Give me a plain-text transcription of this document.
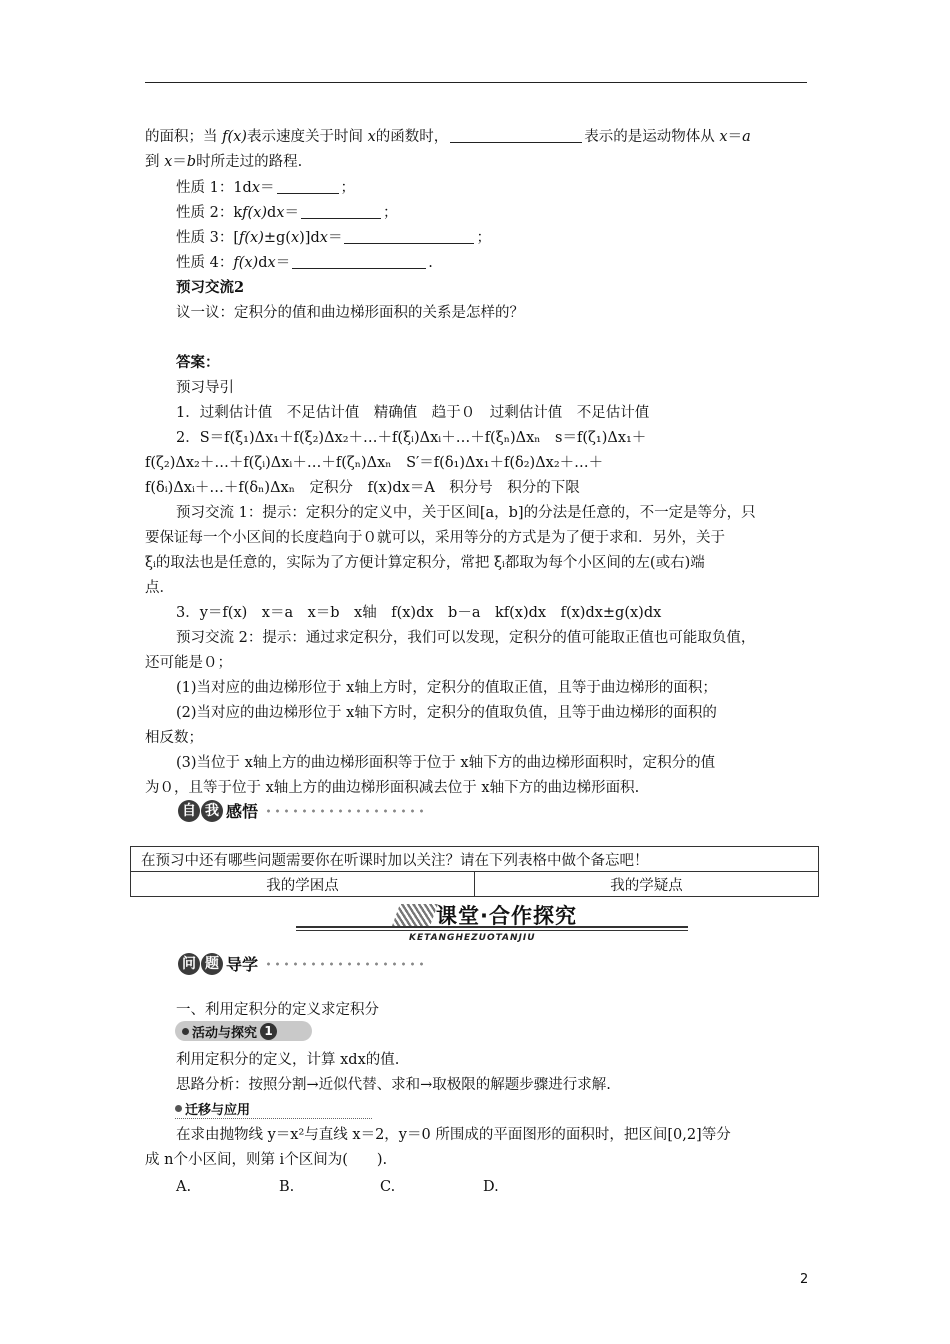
的面积；当 f(x)表示速度关于时间 x的函数时，	表示的是运动物体从 x＝a
到 x＝b时所走过的路程.
性质 1：1dx＝	；
性质 2：kf(x)dx＝	；
性质 3：[f(x)±g(x)]dx＝	；
性质 4：f(x)dx＝	.
预习交流2
议一议：定积分的值和曲边梯形面积的关系是怎样的？
答案：
预习导引
1．过剩估计值　不足估计值　精确值　趋于０　过剩估计值　不足估计值
2．S＝f(ξ₁)Δx₁＋f(ξ₂)Δx₂＋…＋f(ξᵢ)Δxᵢ＋…＋f(ξₙ)Δxₙ　s＝f(ζ₁)Δx₁＋
f(ζ₂)Δx₂＋…＋f(ζᵢ)Δxᵢ＋…＋f(ζₙ)Δxₙ　S′＝f(δ₁)Δx₁＋f(δ₂)Δx₂＋…＋
f(δᵢ)Δxᵢ＋…＋f(δₙ)Δxₙ　定积分　f(x)dx＝A　积分号　积分的下限
预习交流 1：提示：定积分的定义中，关于区间[a，b]的分法是任意的，不一定是等分，只
要保证每一个小区间的长度趋向于０就可以，采用等分的方式是为了便于求和．另外，关于
ξᵢ的取法也是任意的，实际为了方便计算定积分，常把 ξᵢ都取为每个小区间的左(或右)端
点．
3．y＝f(x)　x＝a　x＝b　x轴　f(x)dx　b－a　kf(x)dx　f(x)dx±g(x)dx
预习交流 2：提示：通过求定积分，我们可以发现，定积分的值可能取正值也可能取负值，
还可能是０；
(1)当对应的曲边梯形位于 x轴上方时，定积分的值取正值，且等于曲边梯形的面积；
(2)当对应的曲边梯形位于 x轴下方时，定积分的值取负值，且等于曲边梯形的面积的
相反数；
(3)当位于 x轴上方的曲边梯形面积等于位于 x轴下方的曲边梯形面积时，定积分的值
为０，且等于位于 x轴上方的曲边梯形面积减去位于 x轴下方的曲边梯形面积.
自 我 感悟
在预习中还有哪些问题需要你在听课时加以关注？请在下列表格中做个备忘吧！
我的学困点	我的学疑点
课堂·合作探究
KETANGHEZUOTANJIU
问 题 导学
一、利用定积分的定义求定积分
活动与探究 1
利用定积分的定义，计算 xdx的值.
思路分析：按照分割→近似代替、求和→取极限的解题步骤进行求解.
迁移与应用
在求由抛物线 y＝x²与直线 x＝2，y＝0 所围成的平面图形的面积时，把区间[0,2]等分
成 n个小区间，则第 i个区间为(　　).
A.	B.	C.	D.
2
